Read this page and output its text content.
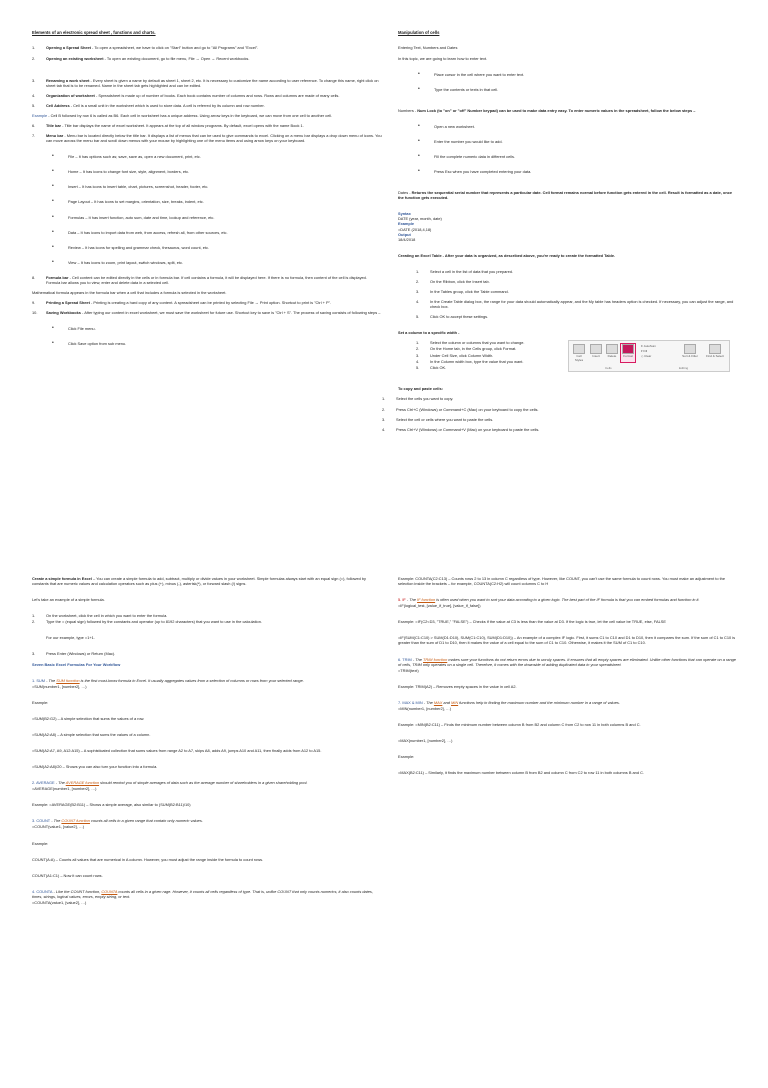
Elements of an electronic spread sheet , functions and charts.
1.	Opening a Spread Sheet - To open a spreadsheet, we have to click on "Start" button and go to "All Programs" and "Excel".
2.	Opening an existing worksheet - To open an existing document, go to file menu, File → Open → Recent workbooks.
3.	Renaming a work sheet - Every sheet is given a name by default as sheet 1, sheet 2, etc. It is necessary to customize the name according to user reference. To change this name, right click on sheet tab that is to be renamed. Name in the sheet tab gets highlighted and can be edited.
4.	Organization of worksheet - Spreadsheet is made up of number of books. Each book contains number of columns and rows. Rows and columns are made of many cells.
5.	Cell Address - Cell is a small unit in the worksheet which is used to store data. A cell is referred by its column and row number.
Example - Cell B followed by row 6 is called as B6. Each cell in worksheet has a unique address. Using arrow keys in the keyboard, we can move from one cell to another cell.
6.	Title bar - Title bar displays the name of excel worksheet. It appears at the top of all window programs. By default, excel opens with the name Book 1.
7.	Menu bar - Menu bar is located directly below the title bar. It displays a list of menus that can be used to give commands to excel. Clicking on a menu bar displays a drop down menu of icons. You can move across the menu bar and scroll down menus with your mouse by highlighting one of the menu items and using arrow keys on your keyboard.
•	File – It has options such as; save, save as, open a new document, print, etc.
•	Home – It has icons to change font size, style, alignment, borders, etc.
•	Insert – It has icons to insert table, chart, pictures, screenshot, header, footer, etc.
•	Page Layout – It has icons to set margins, orientation, size, breaks, indent, etc.
•	Formulas – It has insert function, auto sum, date and time, lookup and reference, etc.
•	Data – It has icons to import data from web, from access, refresh all, from other sources, etc.
•	Review – It has icons for spelling and grammar check, thesaurus, word count, etc.
•	View – It has icons to zoom, print layout, switch windows, split, etc.
8.	Formula bar - Cell content can be edited directly in the cells or in formula bar. If cell contains a formula, it will be displayed here. If there is no formula, then content of the cell is displayed. Formula bar allows you to view, enter and delete data in a selected cell.
Mathematical formula appears in the formula bar when a cell that includes a formula is selected in the worksheet.
9.	Printing a Spread Sheet - Printing is creating a hard copy of any content. A spreadsheet can be printed by selecting File → Print option. Shortcut to print is "Ctrl + P".
10.	Saving Workbooks - After typing our content in excel worksheet, we must save the worksheet for future use. Shortcut key to save is "Ctrl + S". The process of saving consists of following steps –
•	Click File menu.
•	Click Save option from sub menu.
Manipulation of cells
Entering Text, Numbers and Dates
In this topic, we are going to learn how to enter text.
•	Place cursor in the cell where you want to enter text.
•	Type the contents or texts in that cell.
Numbers - Num Lock (to "on" or "off" Number keypad) can be used to make data entry easy. To enter numeric values in the spreadsheet, follow the below steps –
•	Open a new worksheet.
•	Enter the number you would like to add.
•	Fill the complete numeric data in different cells.
•	Press Esc when you have completed entering your data.
Dates - Returns the sequential serial number that represents a particular date. Cell format remains normal before function gets entered in the cell. Result is formatted as a date, once the function gets executed.
Syntax
DATE (year, month, date)
Example
=DATE (2018,4,18)
Output
18/4/2018
Creating an Excel Table - After your data is organized, as described above, you're ready to create the formatted Table.
1.	Select a cell in the list of data that you prepared.
2.	On the Ribbon, click the Insert tab.
3.	In the Tables group, click the Table command.
4.	In the Create Table dialog box, the range for your data should automatically appear, and the My table has headers option is checked. If necessary, you can adjust the range, and check box.
5.	Click OK to accept these settings.
Set a column to a specific width -
1.	Select the column or columns that you want to change.
2.	On the Home tab, in the Cells group, click Format.
3.	Under Cell Size, click Column Width.
4.	In the Column width box, type the value that you want.
5.	Click OK.
Cell Styles
Insert	Delete	Format
Σ AutoSum
▾ Fill
◇ Clear	Sort & Filter	Find & Select
Cells	Editing
To copy and paste cells:
1.	Select the cells you want to copy.
2.	Press Ctrl+C (Windows) or Command+C (Mac) on your keyboard to copy the cells.
3.	Select the cell or cells where you want to paste the cells.
4.	Press Ctrl+V (Windows) or Command+V (Mac) on your keyboard to paste the cells.
Create a simple formula in Excel – You can create a simple formula to add, subtract, multiply or divide values in your worksheet. Simple formulas always start with an equal sign (=), followed by constants that are numeric values and calculation operators such as plus (+), minus (-), asterisk(*), or forward slash (/) signs.
Let's take an example of a simple formula.
1.	On the worksheet, click the cell in which you want to enter the formula.
2.	Type the = (equal sign) followed by the constants and operator (up to 8192 characters) that you want to use in the calculation.
For our example, type =1+1.
3.	Press Enter (Windows) or Return (Mac).
Seven Basic Excel Formulas For Your Workflow
1. SUM - The SUM function is the first must-know formula in Excel. It usually aggregates values from a selection of columns or rows from your selected range.
=SUM(number1, [number2], …)
Example:
=SUM(B2:G2) – A simple selection that sums the values of a row.
=SUM(A2:A8) – A simple selection that sums the values of a column.
=SUM(A2:A7, A9, A12:A15) – A sophisticated collection that sums values from range A2 to A7, skips A8, adds A9, jumps A10 and A11, then finally adds from A12 to A15.
=SUM(A2:A8)/20 – Shows you can also turn your function into a formula.
2. AVERAGE - The AVERAGE function should remind you of simple averages of data such as the average number of shareholders in a given shareholding pool.
=AVERAGE(number1, [number2], …)
Example: =AVERAGE(B2:B11) – Shows a simple average, also similar to (SUM(B2:B11)/10)
3. COUNT - The COUNT function counts all cells in a given range that contain only numeric values.
=COUNT(value1, [value2], …)
Example:
COUNT(A:A) – Counts all values that are numerical in A column. However, you must adjust the range inside the formula to count rows.
COUNT(A1:C1) – Now it can count rows.
4. COUNTA - Like the COUNT function, COUNTA counts all cells in a given rage. However, it counts all cells regardless of type. That is, unlike COUNT that only counts numerics, it also counts dates, times, strings, logical values, errors, empty string, or text.
=COUNTA(value1, [value2], …)
Example: COUNTA(C2:C13) – Counts rows 2 to 13 in column C regardless of type. However, like COUNT, you can't use the same formula to count rows. You must make an adjustment to the selection inside the brackets – for example, COUNTA(C2:H2) will count columns C to H
5. IF - The IF function is often used when you want to sort your data according to a given logic. The best part of the IF formula is that you can embed formulas and function in it.
=IF(logical_test, [value_if_true], [value_if_false])
Example: =IF(C2<D3, "TRUE," "FALSE") – Checks if the value at C3 is less than the value at D3. If the logic is true, let the cell value be TRUE, else, FALSE
=IF(SUM(C1:C10) > SUM(D1:D10), SUM(C1:C10), SUM(D1:D10)) – An example of a complex IF logic. First, it sums C1 to C10 and D1 to D10, then it compares the sum. If the sum of C1 to C10 is greater than the sum of D1 to D10, then it makes the value of a cell equal to the sum of C1 to C10. Otherwise, it makes it the SUM of C1 to C10.
6. TRIM - The TRIM function makes sure your functions do not return errors due to unruly spaces. It ensures that all empty spaces are eliminated. Unlike other functions that can operate on a range of cells, TRIM only operates on a single cell. Therefore, it comes with the downside of adding duplicated data in your spreadsheet.
=TRIM(text)
Example: TRIM(A2) – Removes empty spaces in the value in cell A2.
7. MAX & MIN - The MAX and MIN functions help in finding the maximum number and the minimum number in a range of values.
=MIN(number1, [number2], …)
Example: =MIN(B2:C11) – Finds the minimum number between column B from B2 and column C from C2 to row 11 in both columns B and C.
=MAX(number1, [number2], …)
Example:
=MAX(B2:C11) – Similarly, it finds the maximum number between column B from B2 and column C from C2 to row 11 in both columns B and C.
